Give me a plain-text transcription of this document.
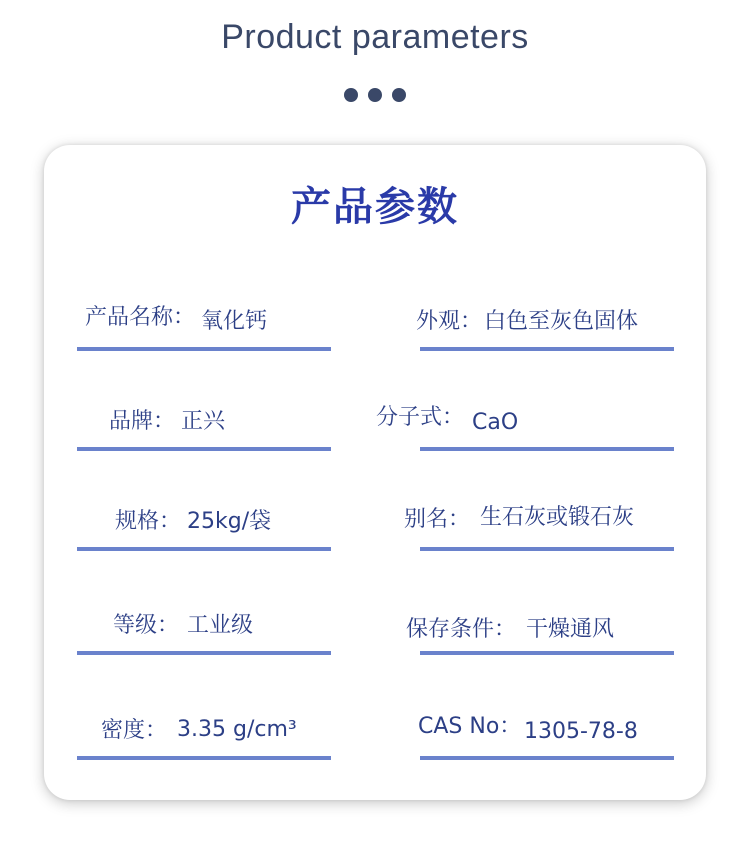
Product parameters
产品参数
产品名称： 氧化钙	外观： 白色至灰色固体
品牌： 正兴	分子式： CaO
规格： 25kg/袋	别名： 生石灰或锻石灰
等级： 工业级	保存条件： 干燥通风
密度： 3.35 g/cm³	CAS No： 1305-78-8
